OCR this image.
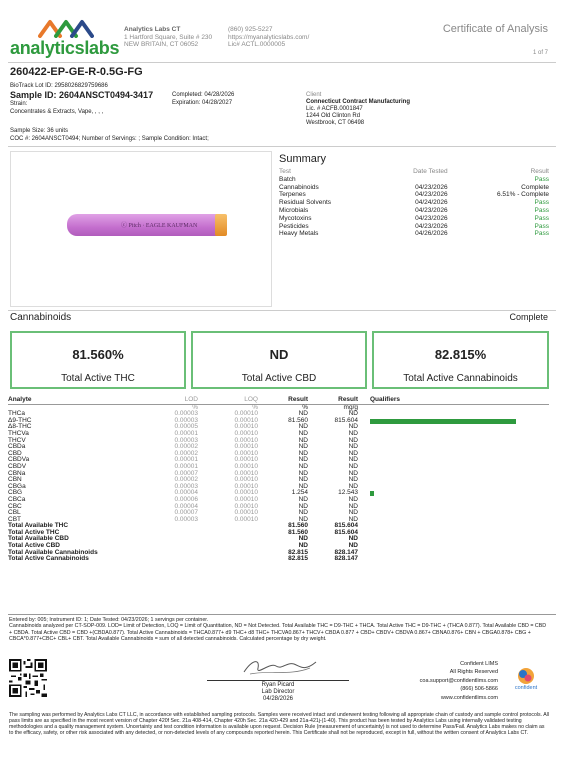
analyticslabs
Analytics Labs CT
1 Hartford Square, Suite # 230
NEW BRITAIN, CT 06052
(860) 925-5227
https://myanalyticslabs.com/
Lic# ACTL.0000005
Certificate of Analysis
1 of 7
260422-EP-GE-R-0.5G-FG
BioTrack Lot ID: 2958026829759686
Sample ID: 2604ANSCT0494-3417
Strain:
Concentrates & Extracts, Vape, , , ,
Completed: 04/28/2026
Expiration: 04/28/2027
Client
Connecticut Contract Manufacturing
Lic. # ACFB.0001847
1244 Old Clinton Rd
Westbrook, CT 06498
Sample Size: 36 units
COC #: 2604ANSCT0494; Number of Servings: ; Sample Condition: Intact;
ⓒ Pitch · EAGLE KAUFMAN
Summary
Test	Date Tested	Result
Batch		Pass
Cannabinoids	04/23/2026	Complete
Terpenes	04/23/2026	6.51% - Complete
Residual Solvents	04/24/2026	Pass
Microbials	04/23/2026	Pass
Mycotoxins	04/23/2026	Pass
Pesticides	04/23/2026	Pass
Heavy Metals	04/26/2026	Pass
Cannabinoids	Complete
81.560%
Total Active THC
ND
Total Active CBD
82.815%
Total Active Cannabinoids
Analyte	LOD	LOQ	Result	Result		Qualifiers
	%	%	%	mg/g		
THCa	0.00003	0.00010	ND	ND		

Δ9-THC	0.00003	0.00010	81.560	815.604		

Δ8-THC	0.00005	0.00010	ND	ND		

THCVa	0.00001	0.00010	ND	ND		

THCV	0.00003	0.00010	ND	ND		

CBDa	0.00002	0.00010	ND	ND		

CBD	0.00002	0.00010	ND	ND		

CBDVa	0.00001	0.00010	ND	ND		

CBDV	0.00001	0.00010	ND	ND		

CBNa	0.00007	0.00010	ND	ND		

CBN	0.00002	0.00010	ND	ND		

CBGa	0.00003	0.00010	ND	ND		

CBG	0.00004	0.00010	1.254	12.543		

CBCa	0.00006	0.00010	ND	ND		

CBC	0.00004	0.00010	ND	ND		

CBL	0.00007	0.00010	ND	ND		

CBT	0.00003	0.00010	ND	ND		

Total Available THC			81.560	815.604		
Total Active THC			81.560	815.604		
Total Available CBD			ND	ND		
Total Active CBD			ND	ND		
Total Available Cannabinoids			82.815	828.147		
Total Active Cannabinoids			82.815	828.147		
Entered by: 005; Instrument ID: 1; Date Tested: 04/23/2026; 1 servings per container.
Cannabinoids analyzed per CT-SOP-009. LOD= Limit of Detection, LOQ = Limit of Quantitation, ND = Not Detected. Total Available THC = D9-THC + THCA. Total Active THC = D9-THC + (THCA 0.877). Total Available CBD = CBD + CBDA. Total Active CBD = CBD +(CBDA0.877). Total Active Cannabinoids = THCA0.877+ d9 THC+ d8 THC+ THCVA0.867+ THCV+ CBDA 0.877 + CBD+ CBDV+ CBDVA 0.867+ CBNA0.876+ CBN + CBGA0.878+ CBG + CBCA*0.877+CBC+ CBL+ CBT. Total Available Cannabinoids = sum of all detected cannabinoids. Calculated percentage by dry weight.
Ryan Picard
Lab Director
04/28/2026
Confident LIMS
All Rights Reserved
coa.support@confidentlims.com
(866) 506-5866
www.confidentlims.com
confident
The sampling was performed by Analytics Labs CT LLC, in accordance with established sampling protocols. Samples were received intact and underwent testing following all appropriate chain of custody and sample control protocols. All pass limits are as specified in the most recent version of Chapter 420f Sec. 21a 408-414, Chapter 420h Sec. 21a 420-429 and 21a-421j-(1-40). This product has been tested by Analytics Labs using internally validated testing methodologies and a quality management system. Uncertainty and test condition information is available upon request. Decision Rule (measurement of uncertainty) is not used to determine Pass/Fail. Analytics Labs makes no claim as to the efficacy, safety, or other risk associated with any detected, or non-detected levels of any compounds reported herein. This Certificate shall not be reproduced, except in full, without the written consent of Analytics Labs CT.
